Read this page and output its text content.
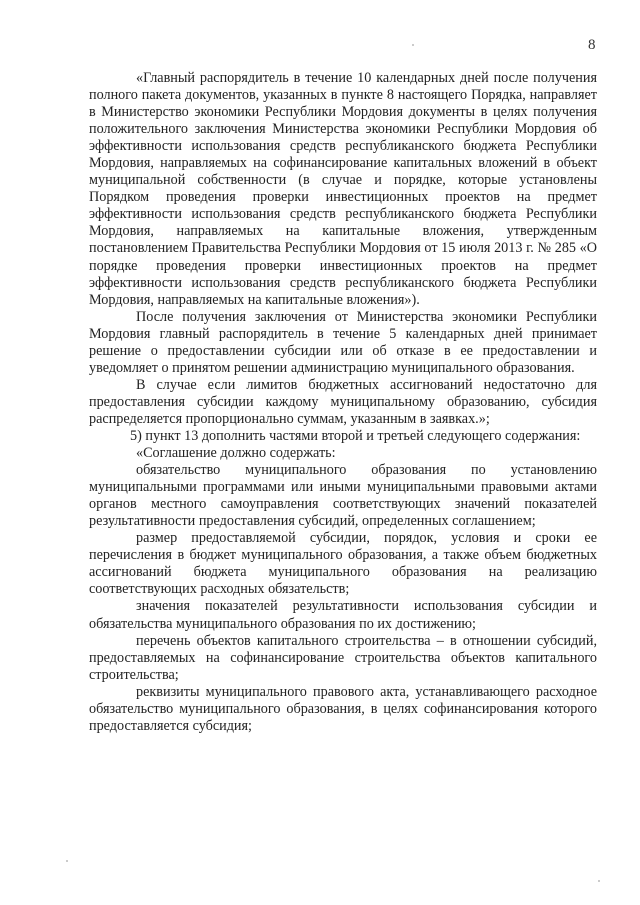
8

«Главный распорядитель в течение 10 календарных дней после получения полного пакета документов, указанных в пункте 8 настоящего Порядка, направляет в Министерство экономики Республики Мордовия документы в целях получения положительного заключения Министерства экономики Республики Мордовия об эффективности использования средств республиканского бюджета Республики Мордовия, направляемых на софинансирование капитальных вложений в объект муниципальной собственности (в случае и порядке, которые установлены Порядком проведения проверки инвестиционных проектов на предмет эффективности использования средств республиканского бюджета Республики Мордовия, направляемых на капитальные вложения, утвержденным постановлением Правительства Республики Мордовия от 15 июля 2013 г. № 285 «О порядке проведения проверки инвестиционных проектов на предмет эффективности использования средств республиканского бюджета Республики Мордовия, направляемых на капитальные вложения»).

После получения заключения от Министерства экономики Республики Мордовия главный распорядитель в течение 5 календарных дней принимает решение о предоставлении субсидии или об отказе в ее предоставлении и уведомляет о принятом решении администрацию муниципального образования.

В случае если лимитов бюджетных ассигнований недостаточно для предоставления субсидии каждому муниципальному образованию, субсидия распределяется пропорционально суммам, указанным в заявках.»;

5) пункт 13 дополнить частями второй и третьей следующего содержания:

«Соглашение должно содержать:

обязательство муниципального образования по установлению муниципальными программами или иными муниципальными правовыми актами органов местного самоуправления соответствующих значений показателей результативности предоставления субсидий, определенных соглашением;

размер предоставляемой субсидии, порядок, условия и сроки ее перечисления в бюджет муниципального образования, а также объем бюджетных ассигнований бюджета муниципального образования на реализацию соответствующих расходных обязательств;

значения показателей результативности использования субсидии и обязательства муниципального образования по их достижению;

перечень объектов капитального строительства – в отношении субсидий, предоставляемых на софинансирование строительства объектов капитального строительства;

реквизиты муниципального правового акта, устанавливающего расходное обязательство муниципального образования, в целях софинансирования которого предоставляется субсидия;
